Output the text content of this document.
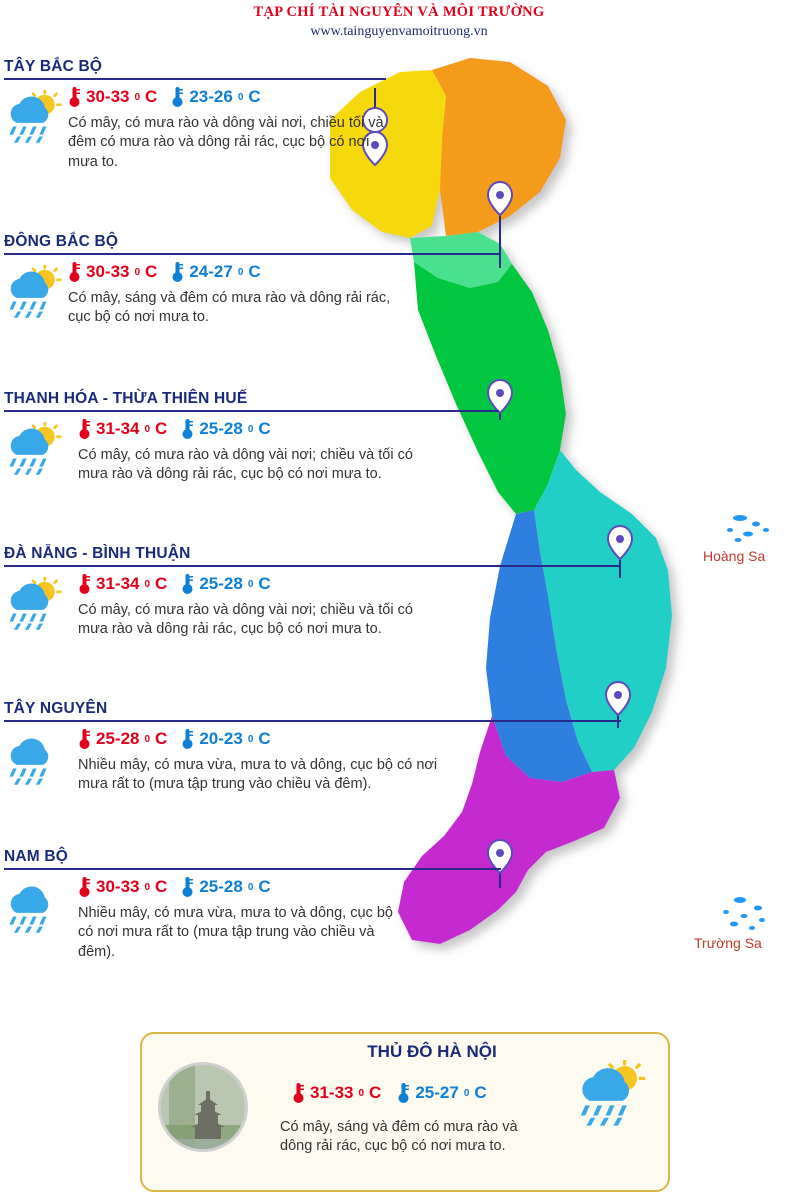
TẠP CHÍ TÀI NGUYÊN VÀ MÔI TRƯỜNG
www.tainguyenvamoitruong.vn
Hoàng Sa
Trường Sa
TÂY BẮC BỘ
30-33 0 C 23-26 0 C
Có mây, có mưa rào và dông vài nơi, chiều tối và đêm có mưa rào và dông rải rác, cục bộ có nơi mưa to.
ĐÔNG BẮC BỘ
30-33 0 C 24-27 0 C
Có mây, sáng và đêm có mưa rào và dông rải rác, cục bộ có nơi mưa to.
THANH HÓA - THỪA THIÊN HUẾ
31-34 0 C 25-28 0 C
Có mây, có mưa rào và dông vài nơi; chiều và tối có mưa rào và dông rải rác, cục bộ có nơi mưa to.
ĐÀ NẴNG - BÌNH THUẬN
31-34 0 C 25-28 0 C
Có mây, có mưa rào và dông vài nơi; chiều và tối có mưa rào và dông rải rác, cục bộ có nơi mưa to.
TÂY NGUYÊN
25-28 0 C 20-23 0 C
Nhiều mây, có mưa vừa, mưa to và dông, cục bộ có nơi mưa rất to (mưa tập trung vào chiều và đêm).
NAM BỘ
30-33 0 C 25-28 0 C
Nhiều mây, có mưa vừa, mưa to và dông, cục bộ có nơi mưa rất to (mưa tập trung vào chiều và đêm).
THỦ ĐÔ HÀ NỘI
31-33 0 C 25-27 0 C
Có mây, sáng và đêm có mưa rào và dông rải rác, cục bộ có nơi mưa to.
